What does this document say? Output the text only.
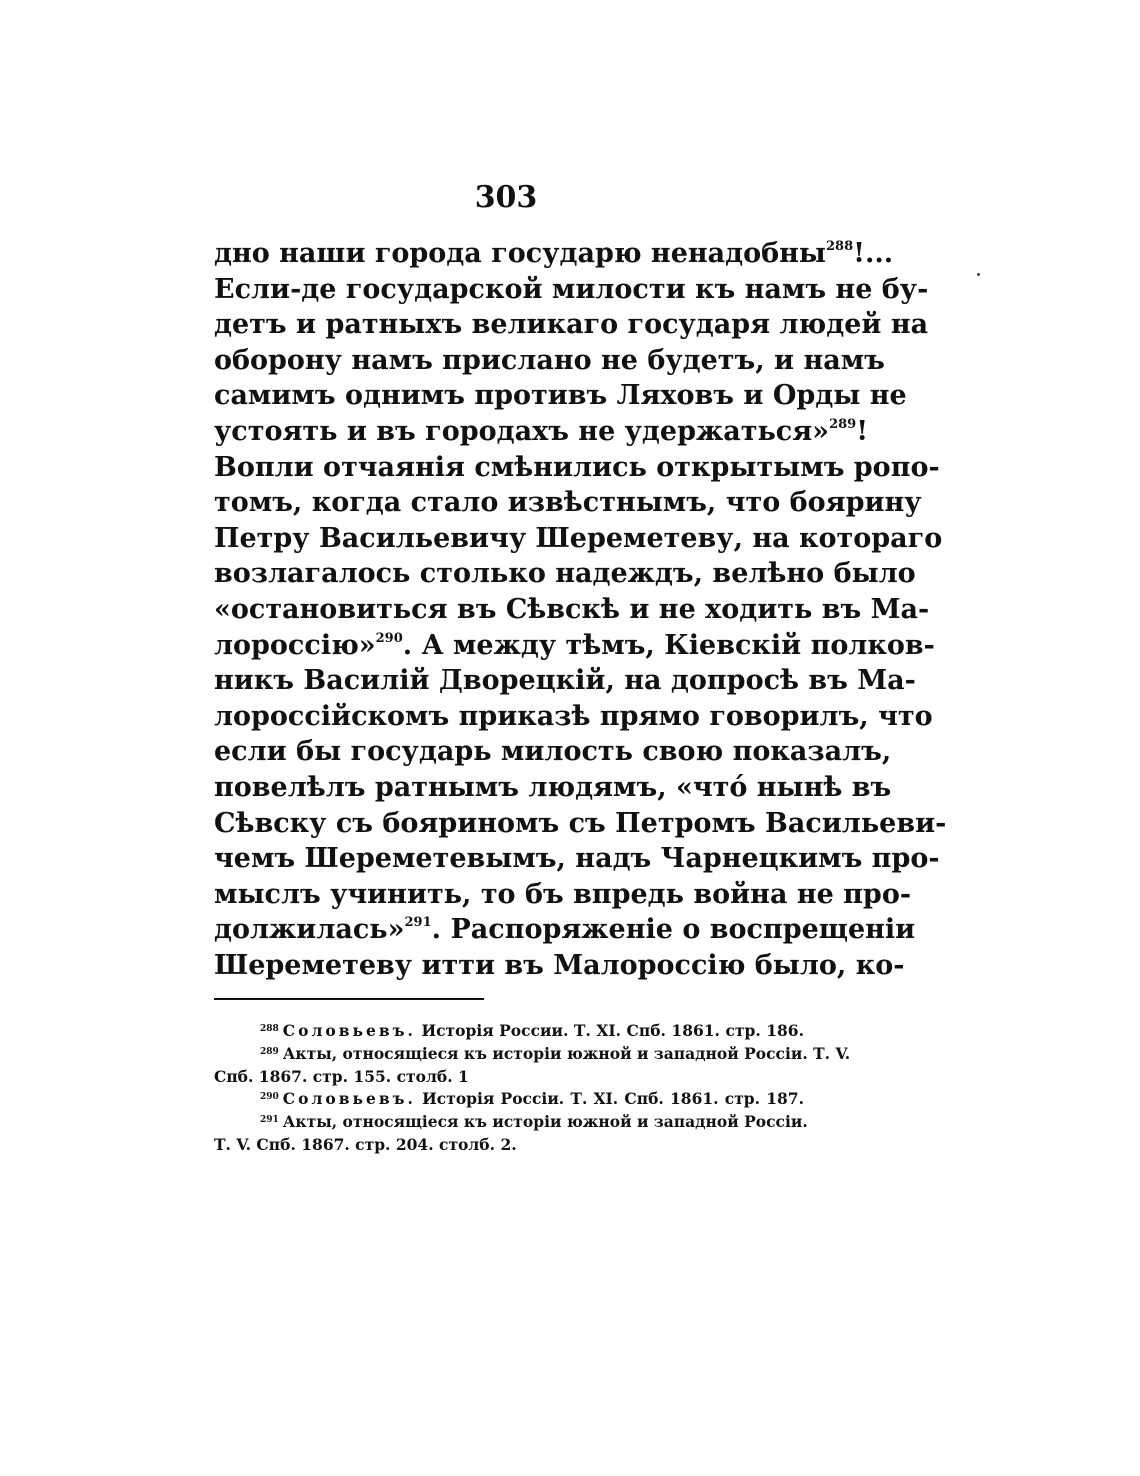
303
дно наши города государю ненадобны$^{288}$!...
Если-де государской милости къ намъ не бу-
детъ и ратныхъ великаго государя людей на
оборону намъ прислано не будетъ, и намъ
самимъ однимъ противъ Ляховъ и Орды не
устоять и въ городахъ не удержаться»$^{289}$!
Вопли отчаянія смѣнились открытымъ ропо-
томъ, когда стало извѣстнымъ, что боярину
Петру Васильевичу Шереметеву, на котораго
возлагалось столько надеждъ, велѣно было
«остановиться въ Сѣвскѣ и не ходить въ Ма-
лороссію»$^{290}$. А между тѣмъ, Кіевскій полков-
никъ Василій Дворецкій, на допросѣ въ Ма-
лороссійскомъ приказѣ прямо говорилъ, что
если бы государь милость свою показалъ,
повелѣлъ ратнымъ людямъ, «что́ нынѣ въ
Сѣвску съ бояриномъ съ Петромъ Васильеви-
чемъ Шереметевымъ, надъ Чарнецкимъ про-
мыслъ учинить, то бъ впредь война не про-
должилась»$^{291}$. Распоряженіе о воспрещеніи
Шереметеву итти въ Малороссію было, ко-
$^{288}$ Соловьевъ. Исторія России. Т. XI. Спб. 1861. стр. 186.
$^{289}$ Акты, относящіеся къ исторіи южной и западной Россіи. Т. V.
Спб. 1867. стр. 155. столб. 1
$^{290}$ Соловьевъ. Исторія Россіи. Т. XI. Спб. 1861. стр. 187.
$^{291}$ Акты, относящіеся къ исторіи южной и западной Россіи.
Т. V. Спб. 1867. стр. 204. столб. 2.
